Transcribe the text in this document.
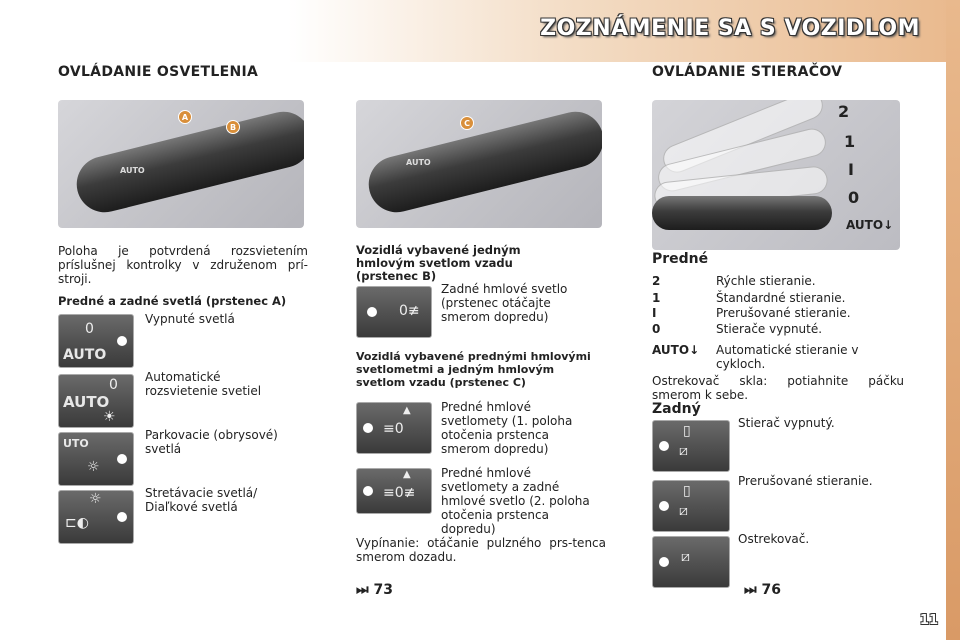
ZOZNÁMENIE SA S VOZIDLOM
OVLÁDANIE OSVETLENIA
AUTO
A
B
AUTO
C
Poloha je potvrdená rozsvietením príslušnej kontrolky v združenom prí-stroji.
Predné a zadné svetlá (prstenec A)
0
AUTO
Vypnuté svetlá
0
AUTO
☀
Automatické rozsvietenie svetiel
UTO
☼
Parkovacie (obrysové) svetlá
☼
⊏◐
Stretávacie svetlá/ Diaľkové svetlá
Vozidlá vybavené jedným hmlovým svetlom vzadu (prstenec B)
0≢
Zadné hmlové svetlo (prstenec otáčajte smerom dopredu)
Vozidlá vybavené prednými hmlovými svetlometmi a jedným hmlovým svetlom vzadu (prstenec C)
▲
≡0
Predné hmlové svetlomety (1. poloha otočenia prstenca smerom dopredu)
▲
≡0≢
Predné hmlové svetlomety a zadné hmlové svetlo (2. poloha otočenia prstenca dopredu)
Vypínanie: otáčanie pulzného prs-tenca smerom dozadu.
⏭ 73
OVLÁDANIE STIERAČOV
2
1
I
0
AUTO↓
Predné
2	Rýchle stieranie.
1	Štandardné stieranie.
I	Prerušované stieranie.
0	Stierače vypnuté.
AUTO↓ Automatické stieranie v cykloch.
Ostrekovač skla: potiahnite páčku smerom k sebe.
Zadný
▯
⧄
Stierač vypnutý.
▯
⧄
Prerušované stieranie.
⧄
Ostrekovač.
⏭ 76
11
